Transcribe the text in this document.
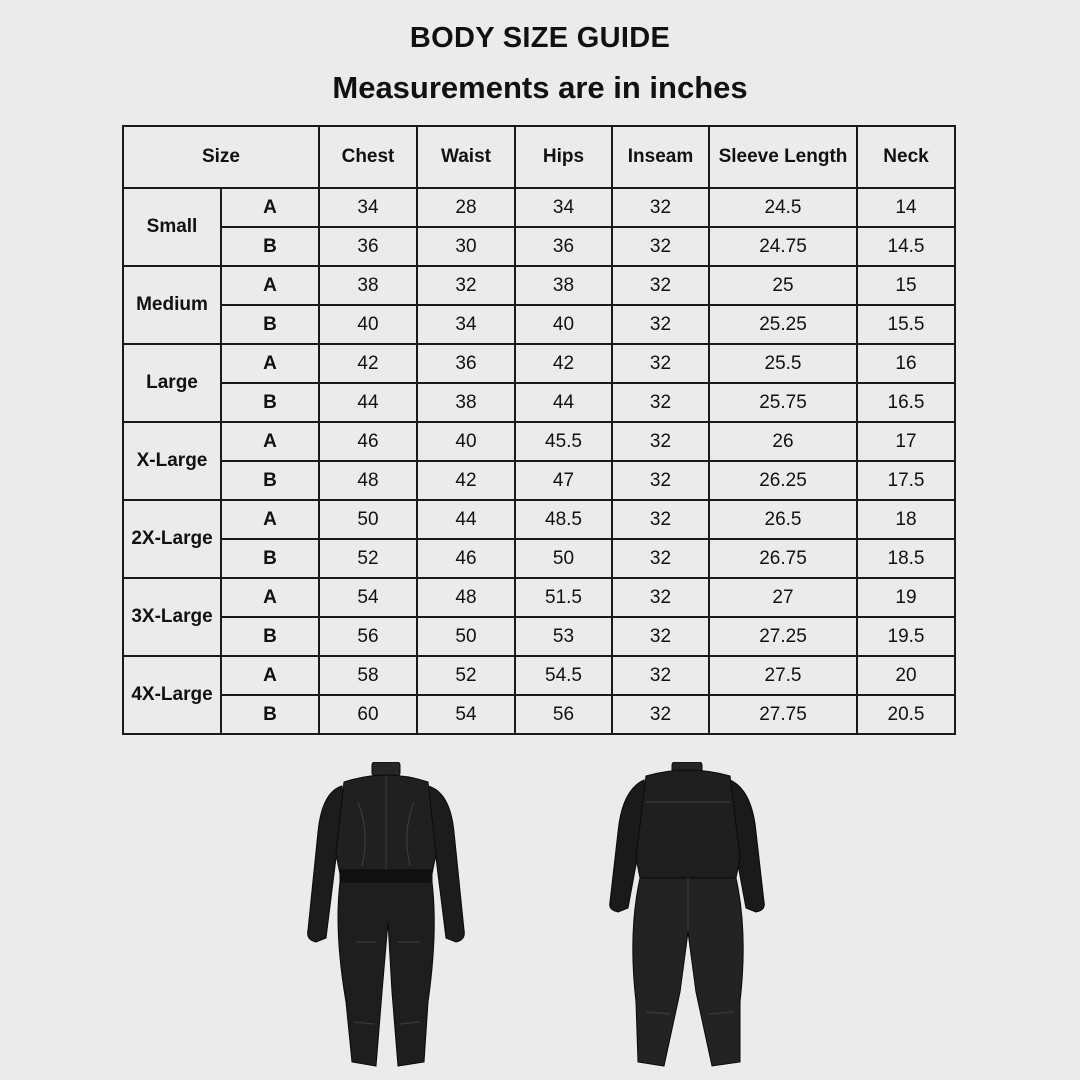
BODY SIZE GUIDE
Measurements are in inches
Size		Chest	Waist	Hips	Inseam	Sleeve Length	Neck
Small	A	34	28	34	32	24.5	14
	B	36	30	36	32	24.75	14.5
Medium	A	38	32	38	32	25	15
	B	40	34	40	32	25.25	15.5
Large	A	42	36	42	32	25.5	16
	B	44	38	44	32	25.75	16.5
X-Large	A	46	40	45.5	32	26	17
	B	48	42	47	32	26.25	17.5
2X-Large	A	50	44	48.5	32	26.5	18
	B	52	46	50	32	26.75	18.5
3X-Large	A	54	48	51.5	32	27	19
	B	56	50	53	32	27.25	19.5
4X-Large	A	58	52	54.5	32	27.5	20
	B	60	54	56	32	27.75	20.5
